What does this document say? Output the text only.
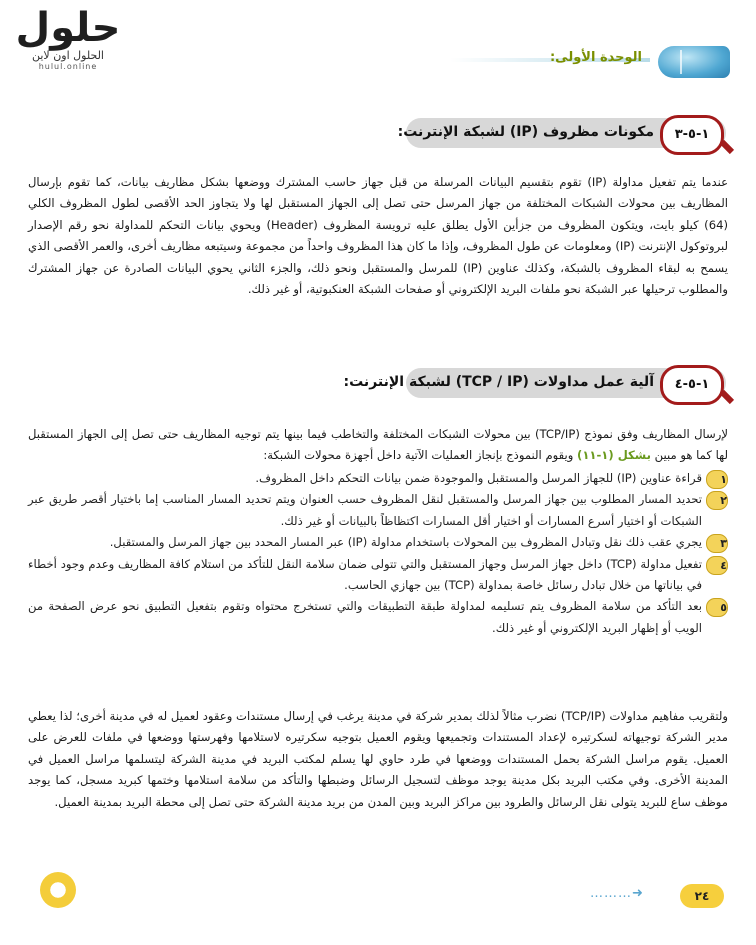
حلول
الحلول اون لاين
hulul.online
الوحدة الأولى:
١-٥-٣
مكونات مظروف (IP) لشبكة الإنترنت:
عندما يتم تفعيل مداولة (IP) تقوم بتقسيم البيانات المرسلة من قبل جهاز حاسب المشترك ووضعها بشكل مظاريف بيانات، كما تقوم بإرسال المظاريف بين محولات الشبكات المختلفة من جهاز المرسل حتى تصل إلى الجهاز المستقبل لها ولا يتجاوز الحد الأقصى لطول المظروف الكلي (64) كيلو بايت، ويتكون المظروف من جزأين الأول يطلق عليه ترويسة المظروف (Header) ويحوي بيانات التحكم للمداولة نحو رقم الإصدار لبروتوكول الإنترنت (IP) ومعلومات عن طول المظروف، وإذا ما كان هذا المظروف واحداً من مجموعة وسيتبعه مظاريف أخرى، والعمر الأقصى الذي يسمح به لبقاء المظروف بالشبكة، وكذلك عناوين (IP) للمرسل والمستقبل ونحو ذلك، والجزء الثاني يحوي البيانات الصادرة عن جهاز المشترك والمطلوب ترحيلها عبر الشبكة نحو ملفات البريد الإلكتروني أو صفحات الشبكة العنكبوتية، أو غير ذلك.
١-٥-٤
آلية عمل مداولات (TCP / IP) لشبكة الإنترنت:
لإرسال المظاريف وفق نموذج (TCP/IP) بين محولات الشبكات المختلفة والتخاطب فيما بينها يتم توجيه المظاريف حتى تصل إلى الجهاز المستقبل لها كما هو مبين بشكل (١-١١) ويقوم النموذج بإنجاز العمليات الآتية داخل أجهزة محولات الشبكة:
١
قراءة عناوين (IP) للجهاز المرسل والمستقبل والموجودة ضمن بيانات التحكم داخل المظروف.
٢
تحديد المسار المطلوب بين جهاز المرسل والمستقبل لنقل المظروف حسب العنوان ويتم تحديد المسار المناسب إما باختيار أقصر طريق عبر الشبكات أو اختيار أسرع المسارات أو اختيار أقل المسارات اكتظاظاً بالبيانات أو غير ذلك.
٣
يجري عقب ذلك نقل وتبادل المظروف بين المحولات باستخدام مداولة (IP) عبر المسار المحدد بين جهاز المرسل والمستقبل.
٤
تفعيل مداولة (TCP) داخل جهاز المرسل وجهاز المستقبل والتي تتولى ضمان سلامة النقل للتأكد من استلام كافة المظاريف وعدم وجود أخطاء في بياناتها من خلال تبادل رسائل خاصة بمداولة (TCP) بين جهازي الحاسب.
٥
بعد التأكد من سلامة المظروف يتم تسليمه لمداولة طبقة التطبيقات والتي تستخرج محتواه وتقوم بتفعيل التطبيق نحو عرض الصفحة من الويب أو إظهار البريد الإلكتروني أو غير ذلك.
ولتقريب مفاهيم مداولات (TCP/IP) نضرب مثالاً لذلك بمدير شركة في مدينة يرغب في إرسال مستندات وعقود لعميل له في مدينة أخرى؛ لذا يعطي مدير الشركة توجيهاته لسكرتيره لإعداد المستندات وتجميعها ويقوم العميل بتوجيه سكرتيره لاستلامها وفهرستها ووضعها في ملفات للعرض على العميل. يقوم مراسل الشركة بحمل المستندات ووضعها في طرد حاوي لها يسلم لمكتب البريد في مدينة الشركة ليتسلمها مراسل العميل في المدينة الأخرى. وفي مكتب البريد بكل مدينة يوجد موظف لتسجيل الرسائل وضبطها والتأكد من سلامة استلامها وختمها كبريد مسجل، كما يوجد موظف ساع للبريد يتولى نقل الرسائل والطرود بين مراكز البريد وبين المدن من بريد مدينة الشركة حتى تصل إلى محطة البريد بمدينة العميل.
………➜	٢٤
